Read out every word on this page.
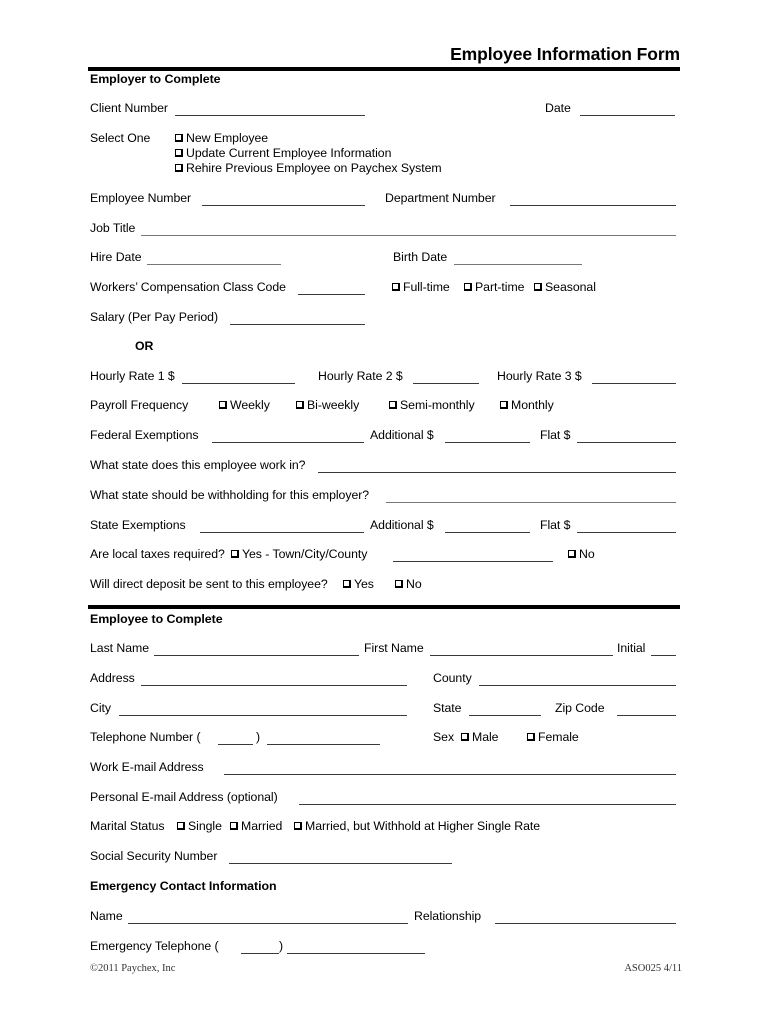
Employee Information Form
Employer to Complete
Client Number	Date
Select One	New Employee
Update Current Employee Information
Rehire Previous Employee on Paychex System
Employee Number	Department Number
Job Title
Hire Date	Birth Date
Workers’ Compensation Class Code	Full-time	Part-time	Seasonal
Salary (Per Pay Period)
OR
Hourly Rate 1 $	Hourly Rate 2 $	Hourly Rate 3 $
Payroll Frequency	Weekly	Bi-weekly	Semi-monthly	Monthly
Federal Exemptions	Additional $	Flat $
What state does this employee work in?
What state should be withholding for this employer?
State Exemptions	Additional $	Flat $
Are local taxes required?	Yes - Town/City/County	No
Will direct deposit be sent to this employee?	Yes	No
Employee to Complete
Last Name	First Name	Initial
Address	County
City	State	Zip Code
Telephone Number (	)	Sex	Male	Female
Work E-mail Address
Personal E-mail Address (optional)
Marital Status	Single	Married	Married, but Withhold at Higher Single Rate
Social Security Number
Emergency Contact Information
Name	Relationship
Emergency Telephone (	)
©2011 Paychex, Inc	ASO025 4/11
